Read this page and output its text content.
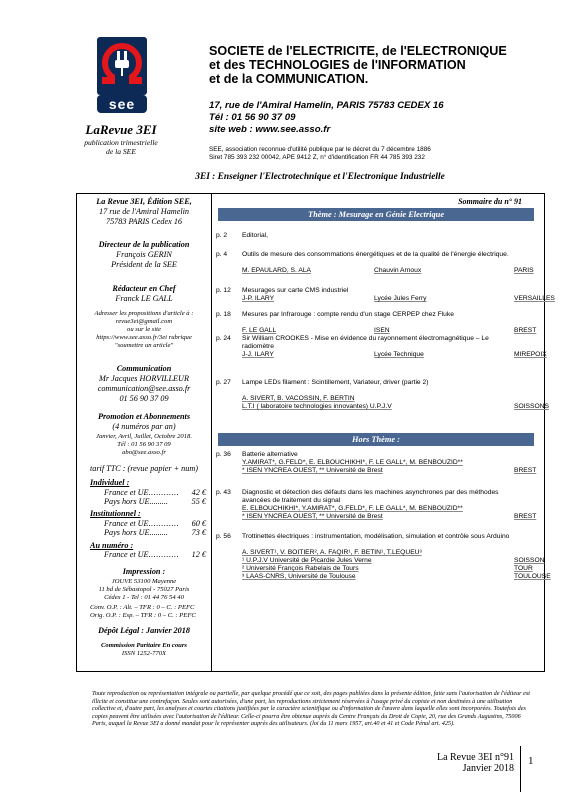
see
SOCIETE de l'ELECTRICITE, de l'ELECTRONIQUE
et des TECHNOLOGIES de l'INFORMATION
et de la COMMUNICATION.
17, rue de l'Amiral Hamelin, PARIS 75783 CEDEX 16
Tél : 01 56 90 37 09
site web : www.see.asso.fr
SEE, association reconnue d'utilité publique par le décret du 7 décembre 1886
Siret 785 393 232 00042, APE 9412 Z, n° d'identification FR 44 785 393 232
LaRevue 3EI
publication trimestrielle
de la SEE
3EI : Enseigner l'Electrotechnique et l'Electronique Industrielle
La Revue 3EI, Édition SEE,
17 rue de l'Amiral Hamelin
75783 PARIS Cedex 16
Directeur de la publication
François GERIN
Président de la SEE
Rédacteur en Chef
Franck LE GALL
Adresser les propositions d'article à :
revue3ei@gmail.com
ou sur le site
https://www.see.asso.fr/3ei rubrique
"soumettre un article"
Communication
Mr Jacques HORVILLEUR
communication@see.asso.fr
01 56 90 37 09
Promotion et Abonnements
(4 numéros par an)
Janvier, Avril, Juillet, Octobre 2018.
Tél : 01 56 90 37 09
abo@see.asso.fr
tarif TTC : (revue papier + num)
Individuel :
France et UE............ 42 €
Pays hors UE.........	55 €
Institutionnel :
France et UE............ 60 €
Pays hors UE.........	73 €
Au numéro :
France et UE............ 12 €
Impression :
JOUVE 53100 Mayenne
11 bd de Sébastopol - 75027 Paris
Cédex 1 - Tel : 01 44 76 54 40
Conv. O.P. : Alt. – TFR : 0 – C. : PEFC
Orig. O.P. : Esp. – TFR : 0 – C. : PEFC
Dépôt Légal : Janvier 2018
Commission Paritaire En cours
ISSN 1252-770X
Sommaire du n° 91
Thème : Mesurage en Génie Electrique
p. 2	Editorial,
p. 4	Outils de mesure des consommations énergétiques et de la qualité de l'énergie électrique.
M. EPAULARD, S. ALA	Chauvin Arnoux	PARIS
p. 12	Mesurages sur carte CMS industriel
J-P. ILARY	Lycée Jules Ferry	VERSAILLES
p. 18	Mesures par Infrarouge : compte rendu d'un stage CERPEP chez Fluke
F. LE GALL	ISEN	BREST
p. 24	Sir William CROOKES - Mise en évidence du rayonnement électromagnétique – Le radiomètre
J-J. ILARY	Lycée Technique	MIREPOIX
p. 27	Lampe LEDs filament : Scintillement, Variateur, driver (partie 2)
A. SIVERT, B. VACOSSIN, F. BERTIN
L.T.I ( laboratoire technologies innovantes) U.P.J.V	SOISSONS
Hors Thème :
p. 36	Batterie alternative
Y.AMIRAT*, G.FELD*, E. ELBOUCHIKHI*, F. LE GALL*, M. BENBOUZID**
* ISEN YNCREA OUEST, ** Université de Brest	BREST
p. 43	Diagnostic et détection des défauts dans les machines asynchrones par des méthodes avancées de traitement du signal
E. ELBOUCHIKHI*, Y.AMIRAT*, G.FELD*, F. LE GALL*, M. BENBOUZID**
* ISEN YNCREA OUEST, ** Université de Brest	BREST
p. 56	Trottinettes électriques : instrumentation, modélisation, simulation et contrôle sous Arduino
A. SIVERT¹, V. BOITIER², A. FAQIR¹, F. BETIN¹, T.LEQUEU³
¹ U.P.J.V Université de Picardie Jules Verne	SOISSON
² Université François Rabelais de Tours	TOUR
³ LAAS-CNRS, Université de Toulouse	TOULOUSE
Toute reproduction ou représentation intégrale ou partielle, par quelque procédé que ce soit, des pages publiées dans la présente édition, faite sans l'autorisation de l'éditeur est illicite et constitue une contrefaçon. Seules sont autorisées, d'une part, les reproductions strictement réservées à l'usage privé du copiste et non destinées à une utilisation collective et, d'autre part, les analyses et courtes citations justifiées par le caractère scientifique ou d'information de l'œuvre dans laquelle elles sont incorporées. Toutefois des copies peuvent être utilisées avec l'autorisation de l'éditeur. Celle-ci pourra être obtenue auprès du Centre Français du Droit de Copie, 20, rue des Grands Augustins, 75006 Paris, auquel la Revue 3EI a donné mandat pour le représenter auprès des utilisateurs. (loi du 11 mars 1957, art.40 et 41 et Code Pénal art. 425).
La Revue 3EI n°91
Janvier 2018
1
